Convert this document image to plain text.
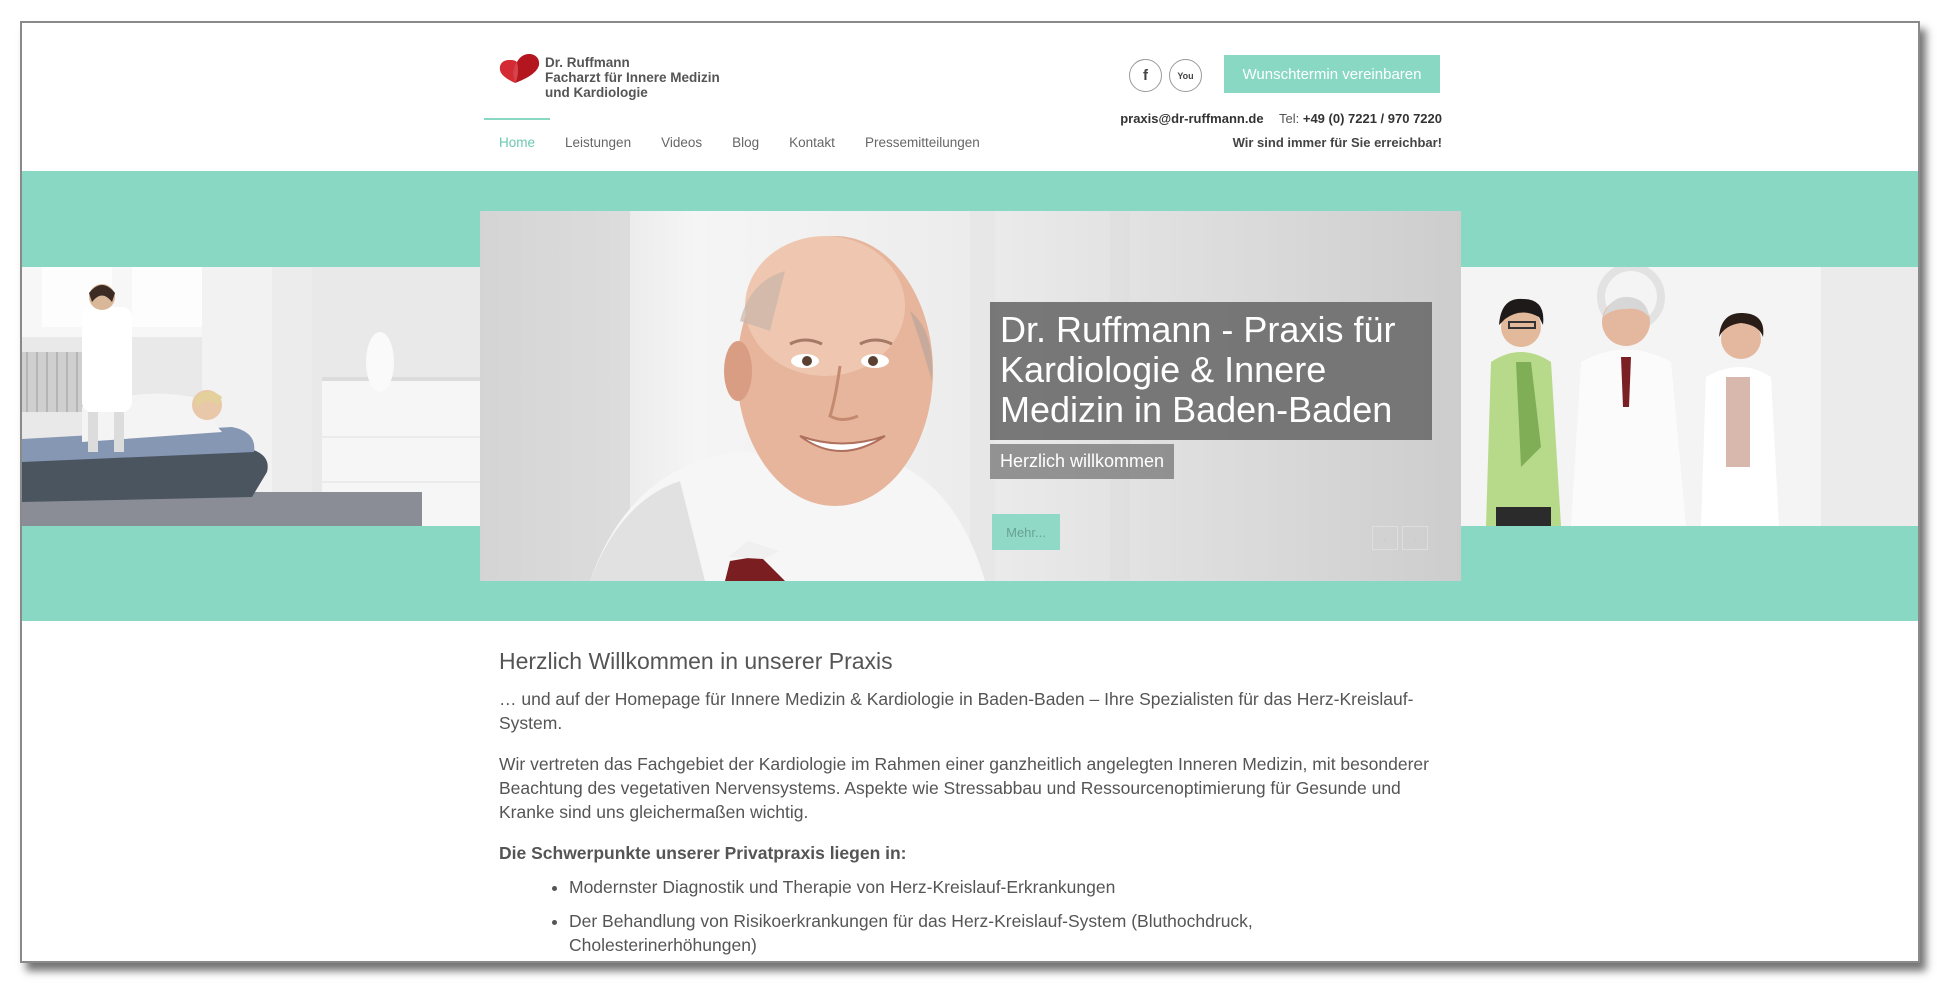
Dr. Ruffmann
Facharzt für Innere Medizin
und Kardiologie
f	You	Wunschtermin vereinbaren
praxis@dr-ruffmann.de Tel: +49 (0) 7221 / 970 7220
Wir sind immer für Sie erreichbar!
Home Leistungen Videos Blog Kontakt Pressemitteilungen
Dr. Ruffmann - Praxis für Kardiologie & Innere Medizin in Baden-Baden
Herzlich willkommen
Mehr...	‹ ›
Herzlich Willkommen in unserer Praxis

… und auf der Homepage für Innere Medizin & Kardiologie in Baden-Baden – Ihre Spezialisten für das Herz-Kreislauf-System.

Wir vertreten das Fachgebiet der Kardiologie im Rahmen einer ganzheitlich angelegten Inneren Medizin, mit besonderer Beachtung des vegetativen Nervensystems. Aspekte wie Stressabbau und Ressourcenoptimierung für Gesunde und Kranke sind uns gleichermaßen wichtig.

Die Schwerpunkte unserer Privatpraxis liegen in:

• Modernster Diagnostik und Therapie von Herz-Kreislauf-Erkrankungen
• Der Behandlung von Risikoerkrankungen für das Herz-Kreislauf-System (Bluthochdruck, Cholesterinerhöhungen)
